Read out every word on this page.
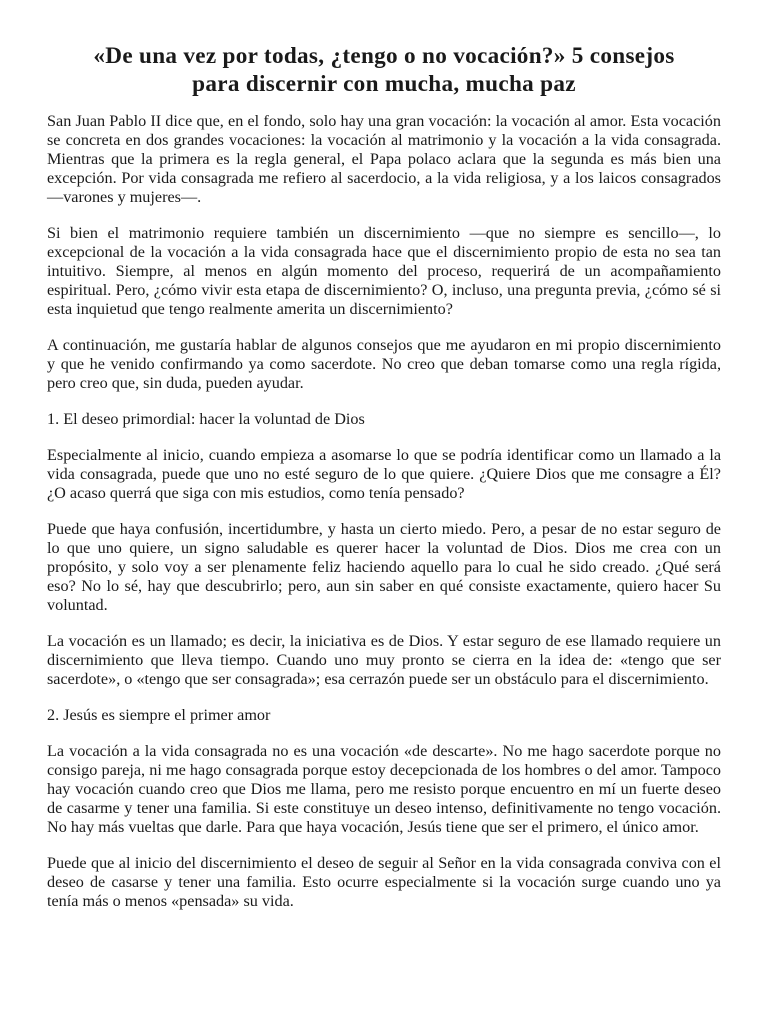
«De una vez por todas, ¿tengo o no vocación?» 5 consejos
para discernir con mucha, mucha paz

San Juan Pablo II dice que, en el fondo, solo hay una gran vocación: la vocación al amor. Esta vocación se concreta en dos grandes vocaciones: la vocación al matrimonio y la vocación a la vida consagrada. Mientras que la primera es la regla general, el Papa polaco aclara que la segunda es más bien una excepción. Por vida consagrada me refiero al sacerdocio, a la vida religiosa, y a los laicos consagrados —varones y mujeres—.

Si bien el matrimonio requiere también un discernimiento —que no siempre es sencillo—, lo excepcional de la vocación a la vida consagrada hace que el discernimiento propio de esta no sea tan intuitivo. Siempre, al menos en algún momento del proceso, requerirá de un acompañamiento espiritual. Pero, ¿cómo vivir esta etapa de discernimiento? O, incluso, una pregunta previa, ¿cómo sé si esta inquietud que tengo realmente amerita un discernimiento?

A continuación, me gustaría hablar de algunos consejos que me ayudaron en mi propio discernimiento y que he venido confirmando ya como sacerdote. No creo que deban tomarse como una regla rígida, pero creo que, sin duda, pueden ayudar.

1. El deseo primordial: hacer la voluntad de Dios

Especialmente al inicio, cuando empieza a asomarse lo que se podría identificar como un llamado a la vida consagrada, puede que uno no esté seguro de lo que quiere. ¿Quiere Dios que me consagre a Él? ¿O acaso querrá que siga con mis estudios, como tenía pensado?

Puede que haya confusión, incertidumbre, y hasta un cierto miedo. Pero, a pesar de no estar seguro de lo que uno quiere, un signo saludable es querer hacer la voluntad de Dios. Dios me crea con un propósito, y solo voy a ser plenamente feliz haciendo aquello para lo cual he sido creado. ¿Qué será eso? No lo sé, hay que descubrirlo; pero, aun sin saber en qué consiste exactamente, quiero hacer Su voluntad.

La vocación es un llamado; es decir, la iniciativa es de Dios. Y estar seguro de ese llamado requiere un discernimiento que lleva tiempo. Cuando uno muy pronto se cierra en la idea de: «tengo que ser sacerdote», o «tengo que ser consagrada»; esa cerrazón puede ser un obstáculo para el discernimiento.

2. Jesús es siempre el primer amor

La vocación a la vida consagrada no es una vocación «de descarte». No me hago sacerdote porque no consigo pareja, ni me hago consagrada porque estoy decepcionada de los hombres o del amor. Tampoco hay vocación cuando creo que Dios me llama, pero me resisto porque encuentro en mí un fuerte deseo de casarme y tener una familia. Si este constituye un deseo intenso, definitivamente no tengo vocación. No hay más vueltas que darle. Para que haya vocación, Jesús tiene que ser el primero, el único amor.

Puede que al inicio del discernimiento el deseo de seguir al Señor en la vida consagrada conviva con el deseo de casarse y tener una familia. Esto ocurre especialmente si la vocación surge cuando uno ya tenía más o menos «pensada» su vida.
